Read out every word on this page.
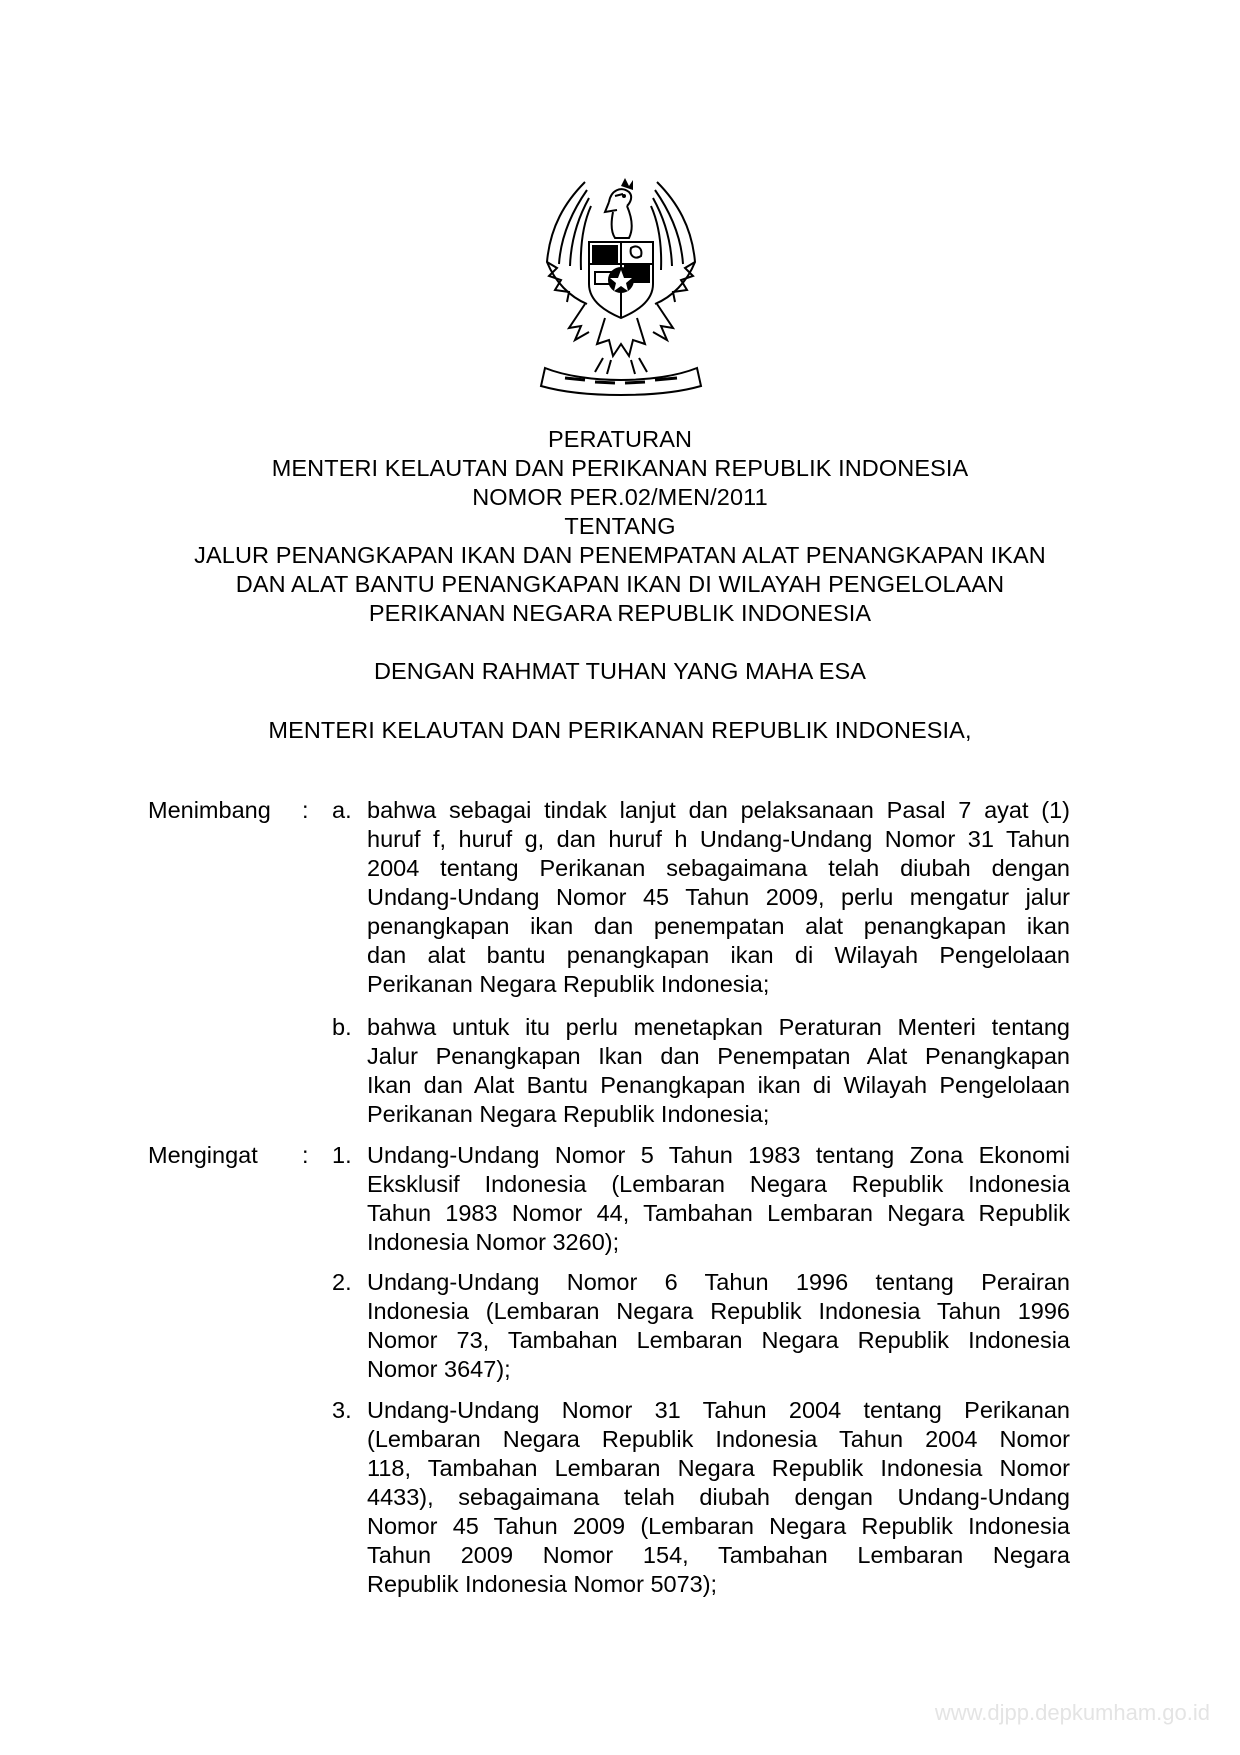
PERATURAN
MENTERI KELAUTAN DAN PERIKANAN REPUBLIK INDONESIA
NOMOR PER.02/MEN/2011
TENTANG
JALUR PENANGKAPAN IKAN DAN PENEMPATAN ALAT PENANGKAPAN IKAN
DAN ALAT BANTU PENANGKAPAN IKAN DI WILAYAH PENGELOLAAN
PERIKANAN NEGARA REPUBLIK INDONESIA
DENGAN RAHMAT TUHAN YANG MAHA ESA
MENTERI KELAUTAN DAN PERIKANAN REPUBLIK INDONESIA,
Menimbang : a. bahwa sebagai tindak lanjut dan pelaksanaan Pasal 7 ayat (1)
huruf f, huruf g, dan huruf h Undang-Undang Nomor 31 Tahun
2004 tentang Perikanan sebagaimana telah diubah dengan
Undang-Undang Nomor 45 Tahun 2009, perlu mengatur jalur
penangkapan ikan dan penempatan alat penangkapan ikan
dan alat bantu penangkapan ikan di Wilayah Pengelolaan
Perikanan Negara Republik Indonesia;
b. bahwa untuk itu perlu menetapkan Peraturan Menteri tentang
Jalur Penangkapan Ikan dan Penempatan Alat Penangkapan
Ikan dan Alat Bantu Penangkapan ikan di Wilayah Pengelolaan
Perikanan Negara Republik Indonesia;
Mengingat : 1. Undang-Undang Nomor 5 Tahun 1983 tentang Zona Ekonomi
Eksklusif Indonesia (Lembaran Negara Republik Indonesia
Tahun 1983 Nomor 44, Tambahan Lembaran Negara Republik
Indonesia Nomor 3260);
2. Undang-Undang Nomor 6 Tahun 1996 tentang Perairan
Indonesia (Lembaran Negara Republik Indonesia Tahun 1996
Nomor 73, Tambahan Lembaran Negara Republik Indonesia
Nomor 3647);
3. Undang-Undang Nomor 31 Tahun 2004 tentang Perikanan
(Lembaran Negara Republik Indonesia Tahun 2004 Nomor
118, Tambahan Lembaran Negara Republik Indonesia Nomor
4433), sebagaimana telah diubah dengan Undang-Undang
Nomor 45 Tahun 2009 (Lembaran Negara Republik Indonesia
Tahun 2009 Nomor 154, Tambahan Lembaran Negara
Republik Indonesia Nomor 5073);
www.djpp.depkumham.go.id
